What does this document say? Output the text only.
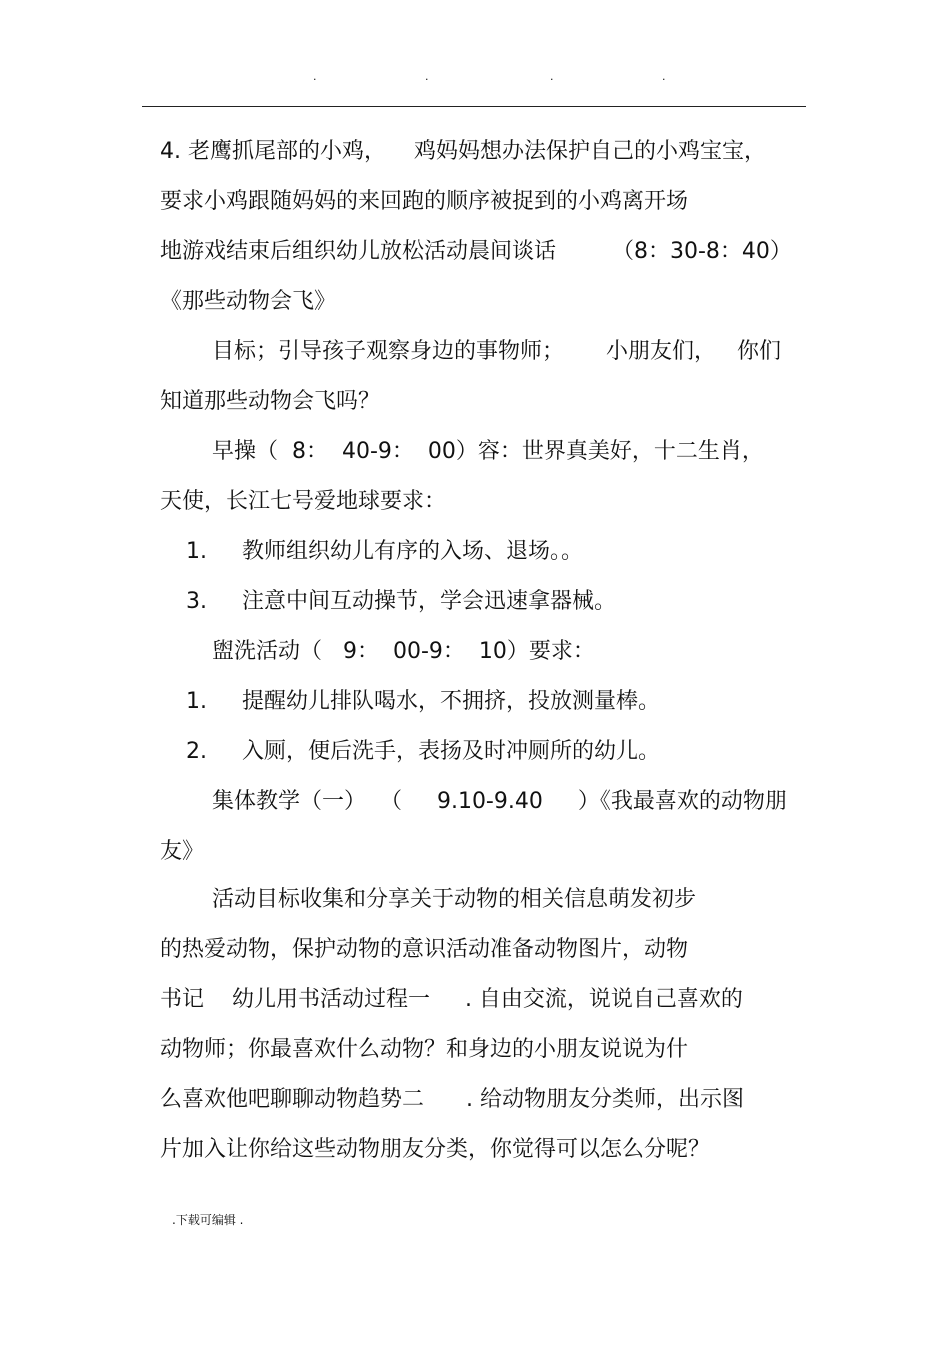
.	.	.	.
4. 老鹰抓尾部的小鸡，    鸡妈妈想办法保护自己的小鸡宝宝，
要求小鸡跟随妈妈的来回跑的顺序被捉到的小鸡离开场
地游戏结束后组织幼儿放松活动晨间谈话        （8：30-8：40）
《那些动物会飞》
目标；引导孩子观察身边的事物师；      小朋友们，   你们
知道那些动物会飞吗？
早操（  8：  40-9：  00）容：世界真美好，十二生肖，
天使，长江七号爱地球要求：
1.     教师组织幼儿有序的入场、退场。。
3.     注意中间互动操节，学会迅速拿器械。
盥洗活动（   9：  00-9：  10）要求：
1.     提醒幼儿排队喝水，不拥挤，投放测量棒。
2.     入厕，便后洗手，表扬及时冲厕所的幼儿。
集体教学（一）  （     9.10-9.40     ）《我最喜欢的动物朋
友》
活动目标收集和分享关于动物的相关信息萌发初步
的热爱动物，保护动物的意识活动准备动物图片，动物
书记    幼儿用书活动过程一     . 自由交流，说说自己喜欢的
动物师；你最喜欢什么动物？和身边的小朋友说说为什
么喜欢他吧聊聊动物趋势二      . 给动物朋友分类师，出示图
片加入让你给这些动物朋友分类，你觉得可以怎么分呢？
.下载可编辑 .
